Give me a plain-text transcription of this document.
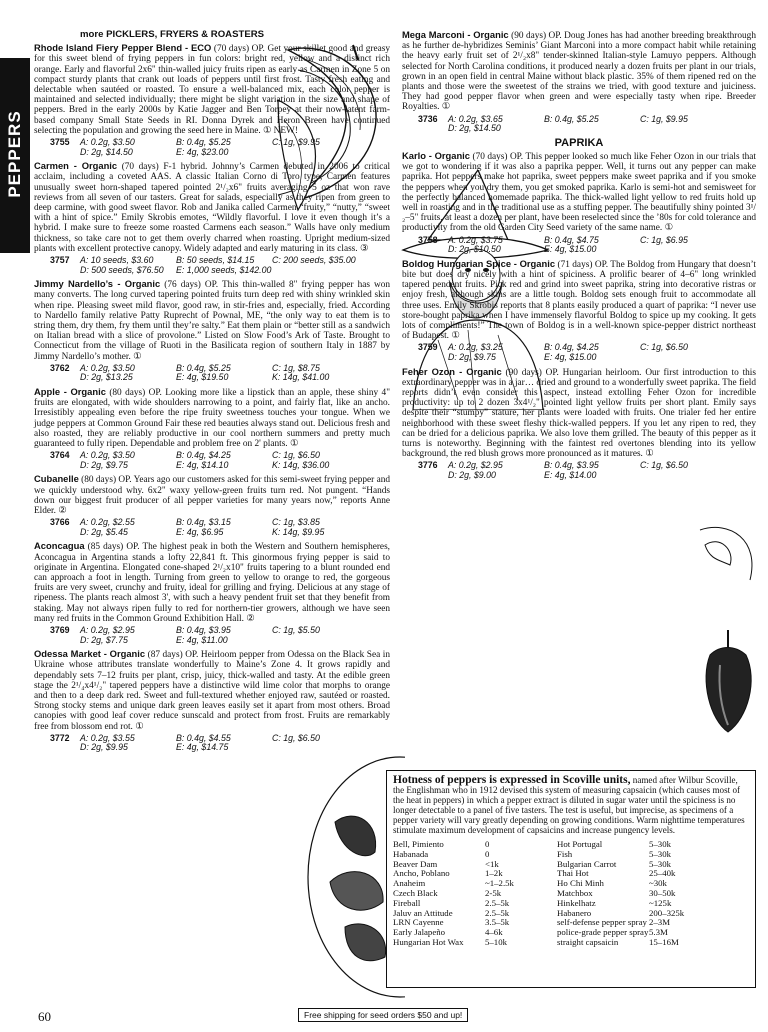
PEPPERS
more PICKLERS, FRYERS & ROASTERS
Rhode Island Fiery Pepper Blend - ECO (70 days) OP. Get your skillet good and greasy for this sweet blend of frying peppers in fun colors: bright red, yellow and a distinct rich orange. Early and flavorful 2x6" thin-walled juicy fruits ripen as early as Carmen in Zone 5 on compact sturdy plants that crank out loads of peppers until first frost. Tasty fresh eating and delectable when sautéed or roasted. To ensure a well-balanced mix, each color pepper is maintained and selected individually; there might be slight variation in the size and shape of peppers. Bred in the early 2000s by Katie Jagger and Ben Torpey at their now-latent farm-based company Small State Seeds in RI. Donna Dyrek and Heron Breen have continued selecting the population and growing the seed here in Maine. ① NEW!
3755	A: 0.2g, $3.50	B: 0.4g, $5.25	C: 1g, $9.95
D: 2g, $14.50	E: 4g, $23.00
Carmen - Organic (70 days) F-1 hybrid. Johnny’s Carmen debuted in 2006 to critical acclaim, including a coveted AAS. A classic Italian Corno di Toro type, Carmen features unusually sweet horn-shaped tapered pointed 2¹/₂x6" fruits averaging 5 oz that won rave reviews from all seven of our tasters. Great for salads, especially as they ripen from green to deep carmine, with good sweet flavor. Rob and Janika called Carmen “fruity,” “nutty,” “sweet with a hint of spice.” Emily Skrobis emotes, “Wildly flavorful. I love it even though it’s a hybrid. I make sure to freeze some roasted Carmens each season.” Walls have only medium thickness, so take care not to get them overly charred when roasting. Upright medium-sized plants with excellent protective canopy. Widely adapted and early maturing in its class. ③
3757	A: 10 seeds, $3.60	B: 50 seeds, $14.15	C: 200 seeds, $35.00
D: 500 seeds, $76.50	E: 1,000 seeds, $142.00
Jimmy Nardello’s - Organic (76 days) OP. This thin-walled 8" frying pepper has won many converts. The long curved tapering pointed fruits turn deep red with shiny wrinkled skin when ripe. Pleasing sweet mild flavor, good raw, in stir-fries and, especially, fried. According to Nardello family relative Patty Ruprecht of Pownal, ME, “the only way to eat them is to string them, dry them, fry them until they’re salty.” Eat them plain or “better still as a sandwich on Italian bread with a slice of provolone.” Listed on Slow Food’s Ark of Taste. Brought to Connecticut from the village of Ruoti in the Basilicata region of southern Italy in 1887 by Jimmy Nardello’s mother. ①
3762	A: 0.2g, $3.50	B: 0.4g, $5.25	C: 1g, $8.75
D: 2g, $13.25	E: 4g, $19.50	K: 14g, $41.00
Apple - Organic (80 days) OP. Looking more like a lipstick than an apple, these shiny 4" fruits are elongated, with wide shoulders narrowing to a point, and fairly flat, like an ancho. Irresistibly appealing even before the ripe fruity sweetness touches your tongue. When we judge peppers at Common Ground Fair these red beauties always stand out. Delicious fresh and also roasted, they are reliably productive in our cool northern summers and pretty much guaranteed to fully ripen. Dependable and problem free on 2' plants. ①
3764	A: 0.2g, $3.50	B: 0.4g, $4.25	C: 1g, $6.50
D: 2g, $9.75	E: 4g, $14.10	K: 14g, $36.00
Cubanelle (80 days) OP. Years ago our customers asked for this semi-sweet frying pepper and we quickly understood why. 6x2" waxy yellow-green fruits turn red. Not pungent. “Hands down our biggest fruit producer of all pepper varieties for many years now,” reports Anne Elder. ②
3766	A: 0.2g, $2.55	B: 0.4g, $3.15	C: 1g, $3.85
D: 2g, $5.45	E: 4g, $6.95	K: 14g, $9.95
Aconcagua (85 days) OP. The highest peak in both the Western and Southern hemispheres, Aconcagua in Argentina stands a lofty 22,841 ft. This ginormous frying pepper is said to originate in Argentina. Elongated cone-shaped 2¹/₂x10" fruits tapering to a blunt rounded end can approach a foot in length. Turning from green to yellow to orange to red, the gorgeous fruits are very sweet, crunchy and fruity, ideal for grilling and frying. Delicious at any stage of ripeness. The plants reach almost 3', with such a heavy pendent fruit set that they benefit from staking. May not always ripen fully to red for northern-tier growers, although we have seen many red fruits in the Common Ground Exhibition Hall. ②
3769	A: 0.2g, $2.95	B: 0.4g, $3.95	C: 1g, $5.50
D: 2g, $7.75	E: 4g, $11.00
Odessa Market - Organic (87 days) OP. Heirloom pepper from Odessa on the Black Sea in Ukraine whose attributes translate wonderfully to Maine’s Zone 4. It grows rapidly and dependably sets 7–12 fruits per plant, crisp, juicy, thick-walled and tasty. At the edible green stage the 2¹/₄x4¹/₂" tapered peppers have a distinctive wild lime color that morphs to orange and then to a deep dark red. Sweet and full-textured whether enjoyed raw, sautéed or roasted. Strong stocky stems and unique dark green leaves easily set it apart from most others. Broad canopies with good leaf cover reduce sunscald and protect from frost. Fruits are remarkably free from blossom end rot. ①
3772	A: 0.2g, $3.55	B: 0.4g, $4.55	C: 1g, $6.50
D: 2g, $9.95	E: 4g, $14.75
Mega Marconi - Organic (90 days) OP. Doug Jones has had another breeding breakthrough as he further de-hybridizes Seminis’ Giant Marconi into a more compact habit while retaining the heavy early fruit set of 2¹/₂x8" tender-skinned Italian-style Lamuyo peppers. Although selected for North Carolina conditions, it produced nearly a dozen fruits per plant in our trials, grown in an open field in central Maine without black plastic. 35% of them ripened red on the plants and those were the sweetest of the strains we tried, with good texture and juiciness. They had good pepper flavor when green and were especially tasty when ripe. Breeder Royalties. ①
3736	A: 0.2g, $3.65	B: 0.4g, $5.25	C: 1g, $9.95
D: 2g, $14.50
PAPRIKA
Karlo - Organic (70 days) OP. This pepper looked so much like Feher Ozon in our trials that we got to wondering if it was also a paprika pepper. Well, it turns out any pepper can make paprika. Hot peppers make hot paprika, sweet peppers make sweet paprika and if you smoke the peppers when you dry them, you get smoked paprika. Karlo is semi-hot and semisweet for the perfectly balanced homemade paprika. The thick-walled light yellow to red fruits hold up well in roasting and in the traditional use as a stuffing pepper. The beautifully shiny pointed 3¹/₂–5" fruits, at least a dozen per plant, have been reselected since the ’80s for cold tolerance and productivity from the old Garden City Seed variety of the same name. ①
3758	A: 0.2g, $3.75	B: 0.4g, $4.75	C: 1g, $6.95
D: 2g, $10.50	E: 4g, $15.00
Boldog Hungarian Spice - Organic (71 days) OP. The Boldog from Hungary that doesn’t bite but does dry nicely with a hint of spiciness. A prolific bearer of 4–6" long wrinkled tapered pendent fruits. Pick red and grind into sweet paprika, string into decorative ristras or enjoy fresh, although skins are a little tough. Boldog sets enough fruit to accommodate all three uses. Emily Skrobis reports that 8 plants easily produced a quart of paprika: “I never use store-bought paprika when I have immensely flavorful Boldog to spice up my cooking. It gets lots of compliments!” The town of Boldog is in a well-known spice-pepper district northeast of Budapest. ①
3759	A: 0.2g, $3.25	B: 0.4g, $4.25	C: 1g, $6.50
D: 2g, $9.75	E: 4g, $15.00
Feher Ozon - Organic (90 days) OP. Hungarian heirloom. Our first introduction to this extraordinary pepper was in a jar… dried and ground to a wonderfully sweet paprika. The field reports didn’t even consider this aspect, instead extolling Feher Ozon for incredible productivity: up to 2 dozen 3x4¹/₂" pointed light yellow fruits per short plant. Emily says despite their “stumpy” stature, her plants were loaded with fruits. One trialer fed her entire neighborhood with these sweet fleshy thick-walled peppers. If you let any ripen to red, they can be dried for a delicious paprika. We also love them grilled. The beauty of this pepper as it turns is noteworthy. Beginning with the faintest red overtones blending into its yellow background, the red blush grows more pronounced as it matures. ①
3776	A: 0.2g, $2.95	B: 0.4g, $3.95	C: 1g, $6.50
D: 2g, $9.00	E: 4g, $14.00
Hotness of peppers is expressed in Scoville units, named after Wilbur Scoville, the Englishman who in 1912 devised this system of measuring capsaicin (which causes most of the heat in peppers) in which a pepper extract is diluted in sugar water until the spiciness is no longer detectable to a panel of five tasters. The test is useful, but imprecise, as specimens of a pepper variety will vary greatly depending on growing conditions. Warm nighttime temperatures stimulate maximum development of capsaicins and increase pungency levels.
Bell, Pimiento	0	Hot Portugal	5–30k
Habanada	0	Fish	5–30k
Beaver Dam	<1k	Bulgarian Carrot	5–30k
Ancho, Poblano	1–2k	Thai Hot	25–40k
Anaheim	~1–2.5k	Ho Chi Minh	~30k
Czech Black	2-5k	Matchbox	30–50k
Fireball	2.5–5k	Hinkelhatz	~125k
Jaluv an Attitude	2.5–5k	Habanero	200–325k
LRN Cayenne	3.5–5k	self-defense pepper spray 2–3M
Early Jalapeño	4–6k	police-grade pepper spray 5.3M
Hungarian Hot Wax	5–10k	straight capsaicin	15–16M
60	Free shipping for seed orders $50 and up!
